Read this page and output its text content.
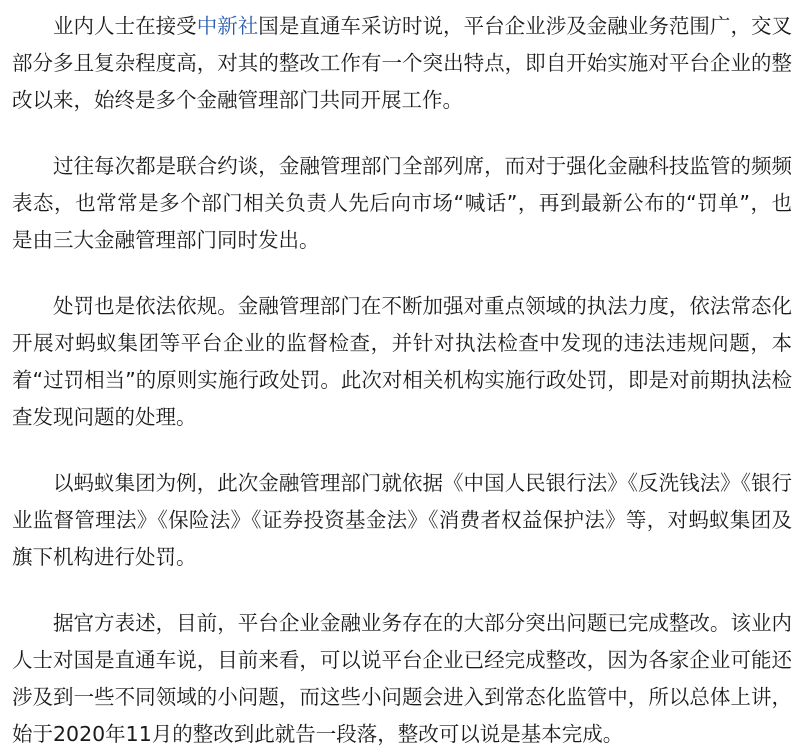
业内人士在接受中新社国是直通车采访时说，平台企业涉及金融业务范围广，交叉部分多且复杂程度高，对其的整改工作有一个突出特点，即自开始实施对平台企业的整改以来，始终是多个金融管理部门共同开展工作。

过往每次都是联合约谈，金融管理部门全部列席，而对于强化金融科技监管的频频表态，也常常是多个部门相关负责人先后向市场“喊话”，再到最新公布的“罚单”，也是由三大金融管理部门同时发出。

处罚也是依法依规。金融管理部门在不断加强对重点领域的执法力度，依法常态化开展对蚂蚁集团等平台企业的监督检查，并针对执法检查中发现的违法违规问题，本着“过罚相当”的原则实施行政处罚。此次对相关机构实施行政处罚，即是对前期执法检查发现问题的处理。

以蚂蚁集团为例，此次金融管理部门就依据《中国人民银行法》《反洗钱法》《银行业监督管理法》《保险法》《证券投资基金法》《消费者权益保护法》等，对蚂蚁集团及旗下机构进行处罚。

据官方表述，目前，平台企业金融业务存在的大部分突出问题已完成整改。该业内人士对国是直通车说，目前来看，可以说平台企业已经完成整改，因为各家企业可能还涉及到一些不同领域的小问题，而这些小问题会进入到常态化监管中，所以总体上讲，始于2020年11月的整改到此就告一段落，整改可以说是基本完成。
